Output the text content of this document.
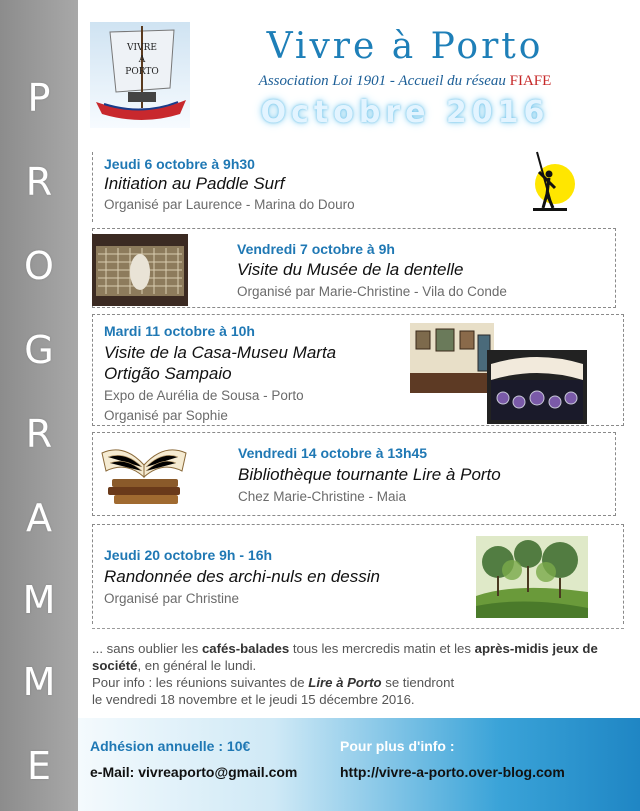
P
R
O
G
R
A
M
M
E
VIVRE
A
PORTO
Vivre à Porto
Association Loi 1901 - Accueil du réseau FIAFE
Octobre 2016
Jeudi 6 octobre à 9h30
Initiation au Paddle Surf
Organisé par Laurence - Marina do Douro
Vendredi 7 octobre à 9h
Visite du Musée de la dentelle
Organisé par Marie-Christine - Vila do Conde
Mardi 11 octobre à 10h
Visite de la Casa-Museu Marta
Ortigão Sampaio
Expo de Aurélia de Sousa - Porto
Organisé par Sophie
Vendredi 14 octobre à 13h45
Bibliothèque tournante Lire à Porto
Chez Marie-Christine - Maia
Jeudi 20 octobre 9h - 16h
Randonnée des archi-nuls en dessin
Organisé par Christine
... sans oublier les cafés-balades tous les mercredis matin et les après-midis jeux de société, en général le lundi.
Pour info : les réunions suivantes de Lire à Porto se tiendront
le vendredi 18 novembre et le jeudi 15 décembre 2016.
Adhésion annuelle : 10€
e-Mail: vivreaporto@gmail.com
Pour plus d'info :
http://vivre-a-porto.over-blog.com
